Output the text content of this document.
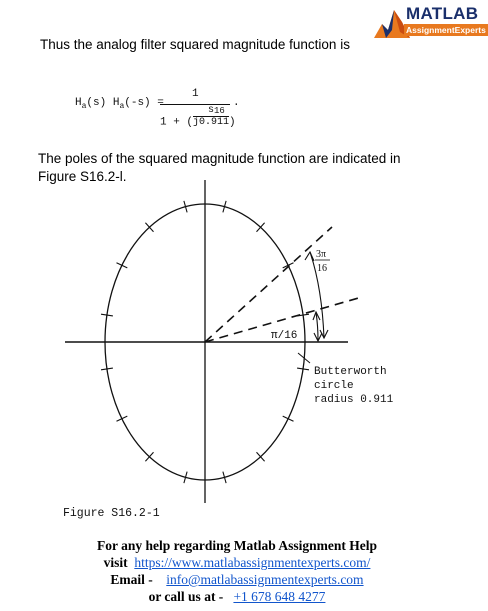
MATLAB
AssignmentExperts
Thus the analog filter squared magnitude function is
$H_a(s) H_a(-s)$ =
1
.
16
1 + ( $\frac{s}{j0.911}$ )
The poles of the squared magnitude function are indicated in Figure S16.2-l.
3π
16
π/16
Butterworth
circle
radius 0.911
Figure S16.2-1
For any help regarding Matlab Assignment Help
visit https://www.matlabassignmentexperts.com/
Email - info@matlabassignmentexperts.com
or call us at - +1 678 648 4277
